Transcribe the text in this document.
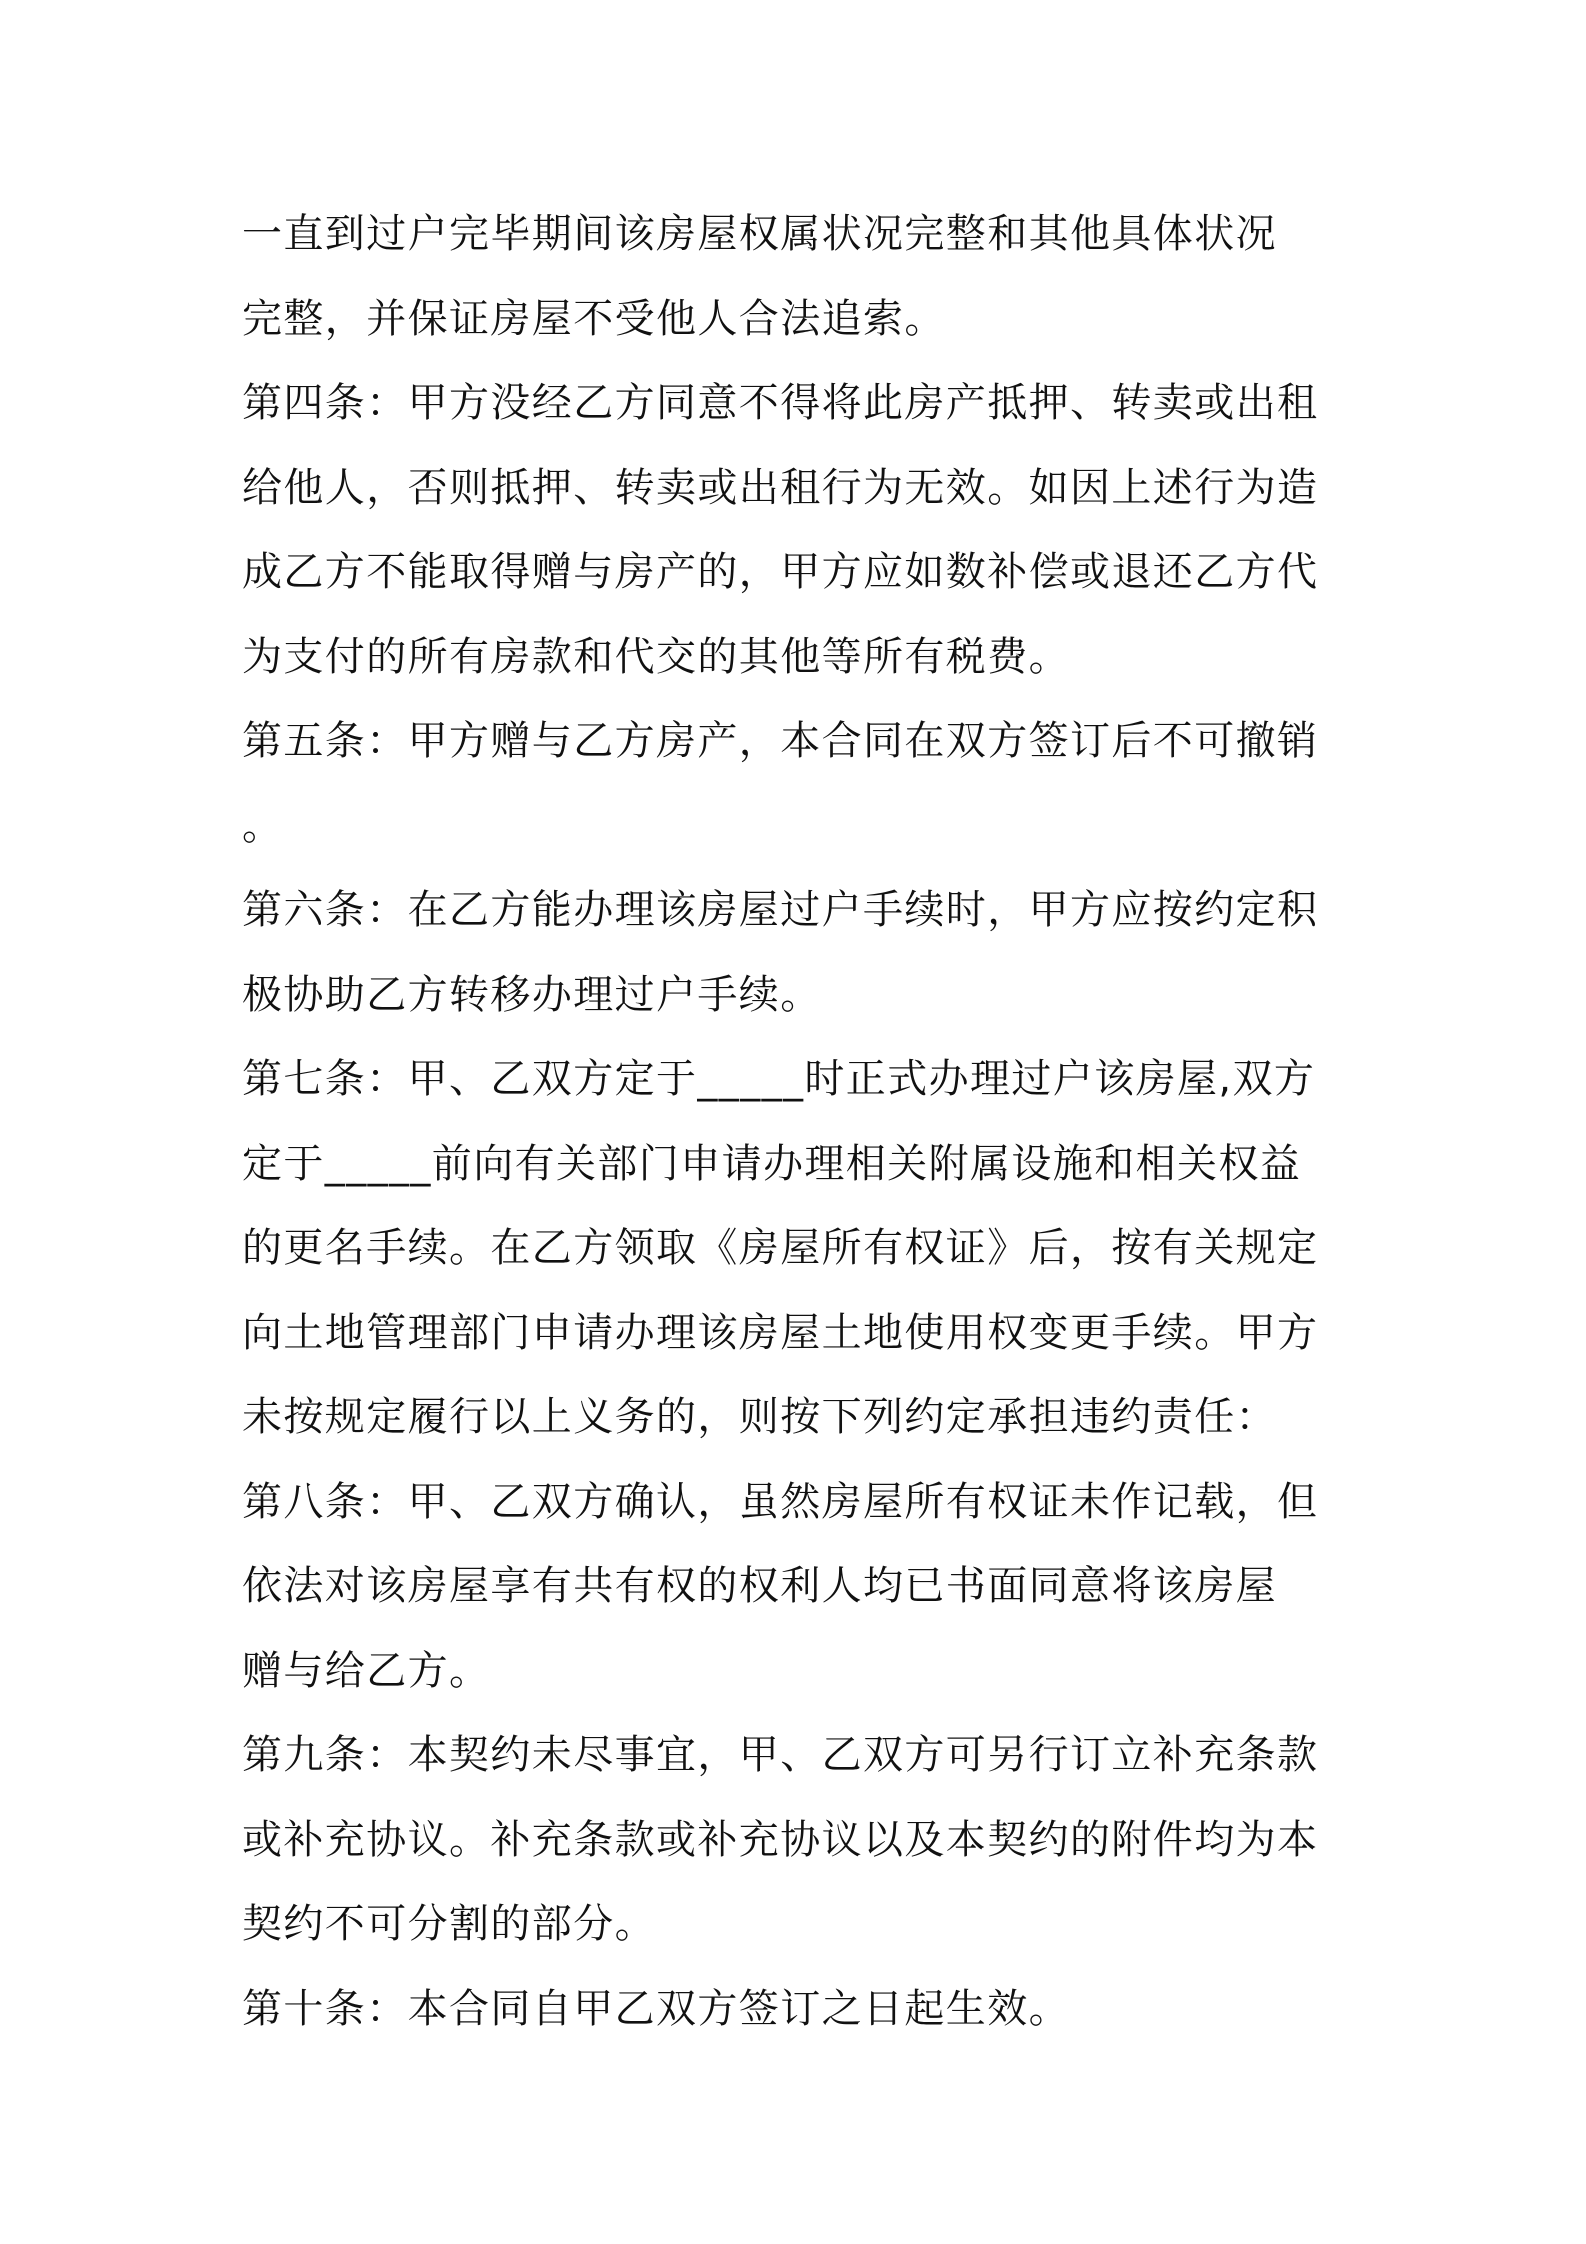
一直到过户完毕期间该房屋权属状况完整和其他具体状况
完整，并保证房屋不受他人合法追索。
第四条：甲方没经乙方同意不得将此房产抵押、转卖或出租
给他人，否则抵押、转卖或出租行为无效。如因上述行为造
成乙方不能取得赠与房产的，甲方应如数补偿或退还乙方代
为支付的所有房款和代交的其他等所有税费。
第五条：甲方赠与乙方房产，本合同在双方签订后不可撤销
。
第六条：在乙方能办理该房屋过户手续时，甲方应按约定积
极协助乙方转移办理过户手续。
第七条：甲、乙双方定于_____时正式办理过户该房屋,双方
定于_____前向有关部门申请办理相关附属设施和相关权益
的更名手续。在乙方领取《房屋所有权证》后，按有关规定
向土地管理部门申请办理该房屋土地使用权变更手续。甲方
未按规定履行以上义务的，则按下列约定承担违约责任：
第八条：甲、乙双方确认，虽然房屋所有权证未作记载，但
依法对该房屋享有共有权的权利人均已书面同意将该房屋
赠与给乙方。
第九条：本契约未尽事宜，甲、乙双方可另行订立补充条款
或补充协议。补充条款或补充协议以及本契约的附件均为本
契约不可分割的部分。
第十条：本合同自甲乙双方签订之日起生效。
